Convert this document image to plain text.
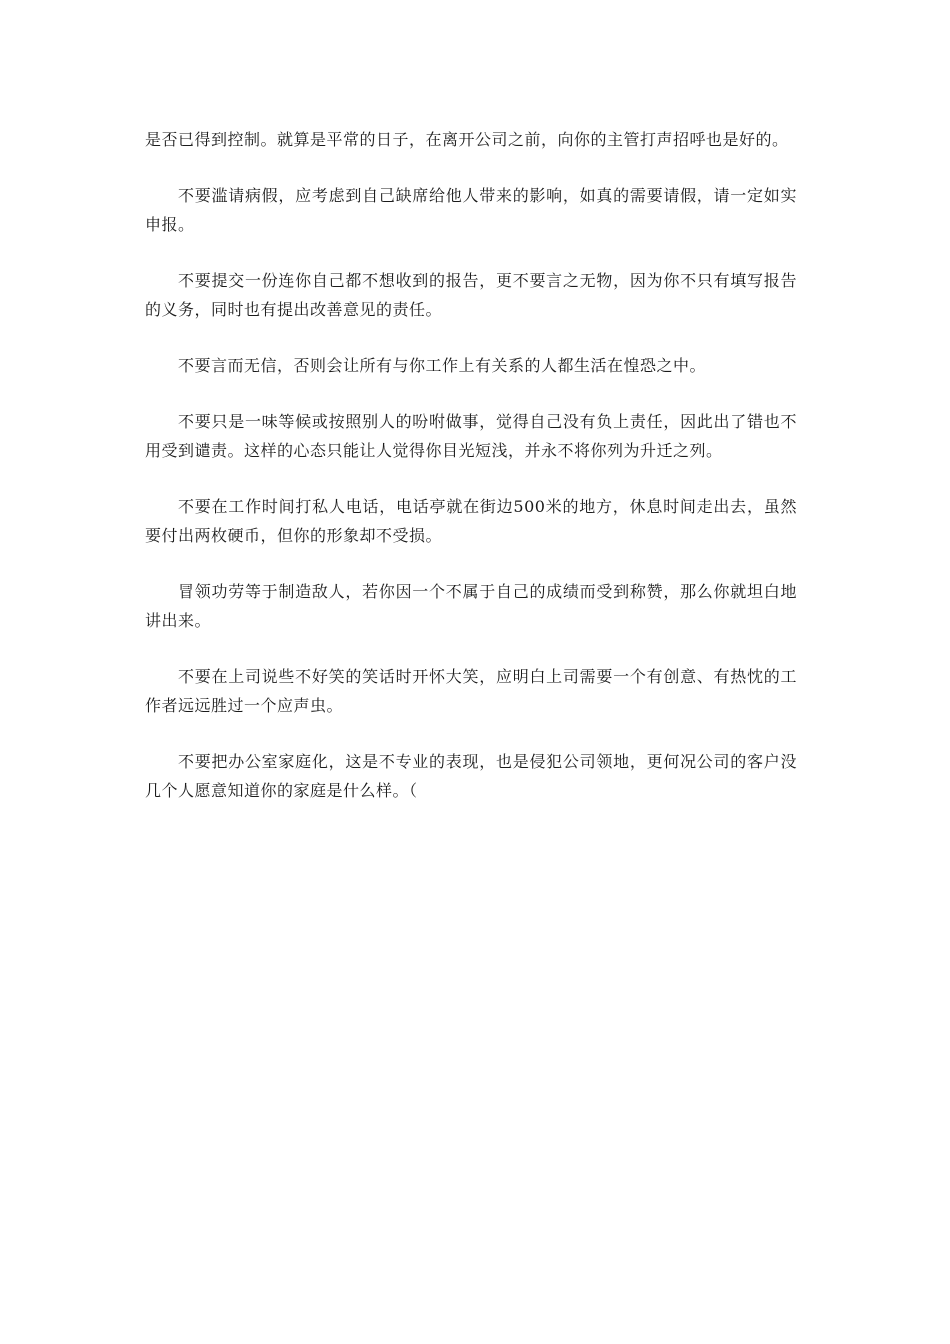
是否已得到控制。就算是平常的日子，在离开公司之前，向你的主管打声招呼也是好的。

不要滥请病假，应考虑到自己缺席给他人带来的影响，如真的需要请假，请一定如实申报。

不要提交一份连你自己都不想收到的报告，更不要言之无物，因为你不只有填写报告的义务，同时也有提出改善意见的责任。

不要言而无信，否则会让所有与你工作上有关系的人都生活在惶恐之中。

不要只是一味等候或按照别人的吩咐做事，觉得自己没有负上责任，因此出了错也不用受到谴责。这样的心态只能让人觉得你目光短浅，并永不将你列为升迁之列。

不要在工作时间打私人电话，电话亭就在街边500米的地方，休息时间走出去，虽然要付出两枚硬币，但你的形象却不受损。

冒领功劳等于制造敌人，若你因一个不属于自己的成绩而受到称赞，那么你就坦白地讲出来。

不要在上司说些不好笑的笑话时开怀大笑，应明白上司需要一个有创意、有热忱的工作者远远胜过一个应声虫。

不要把办公室家庭化，这是不专业的表现，也是侵犯公司领地，更何况公司的客户没几个人愿意知道你的家庭是什么样。（
